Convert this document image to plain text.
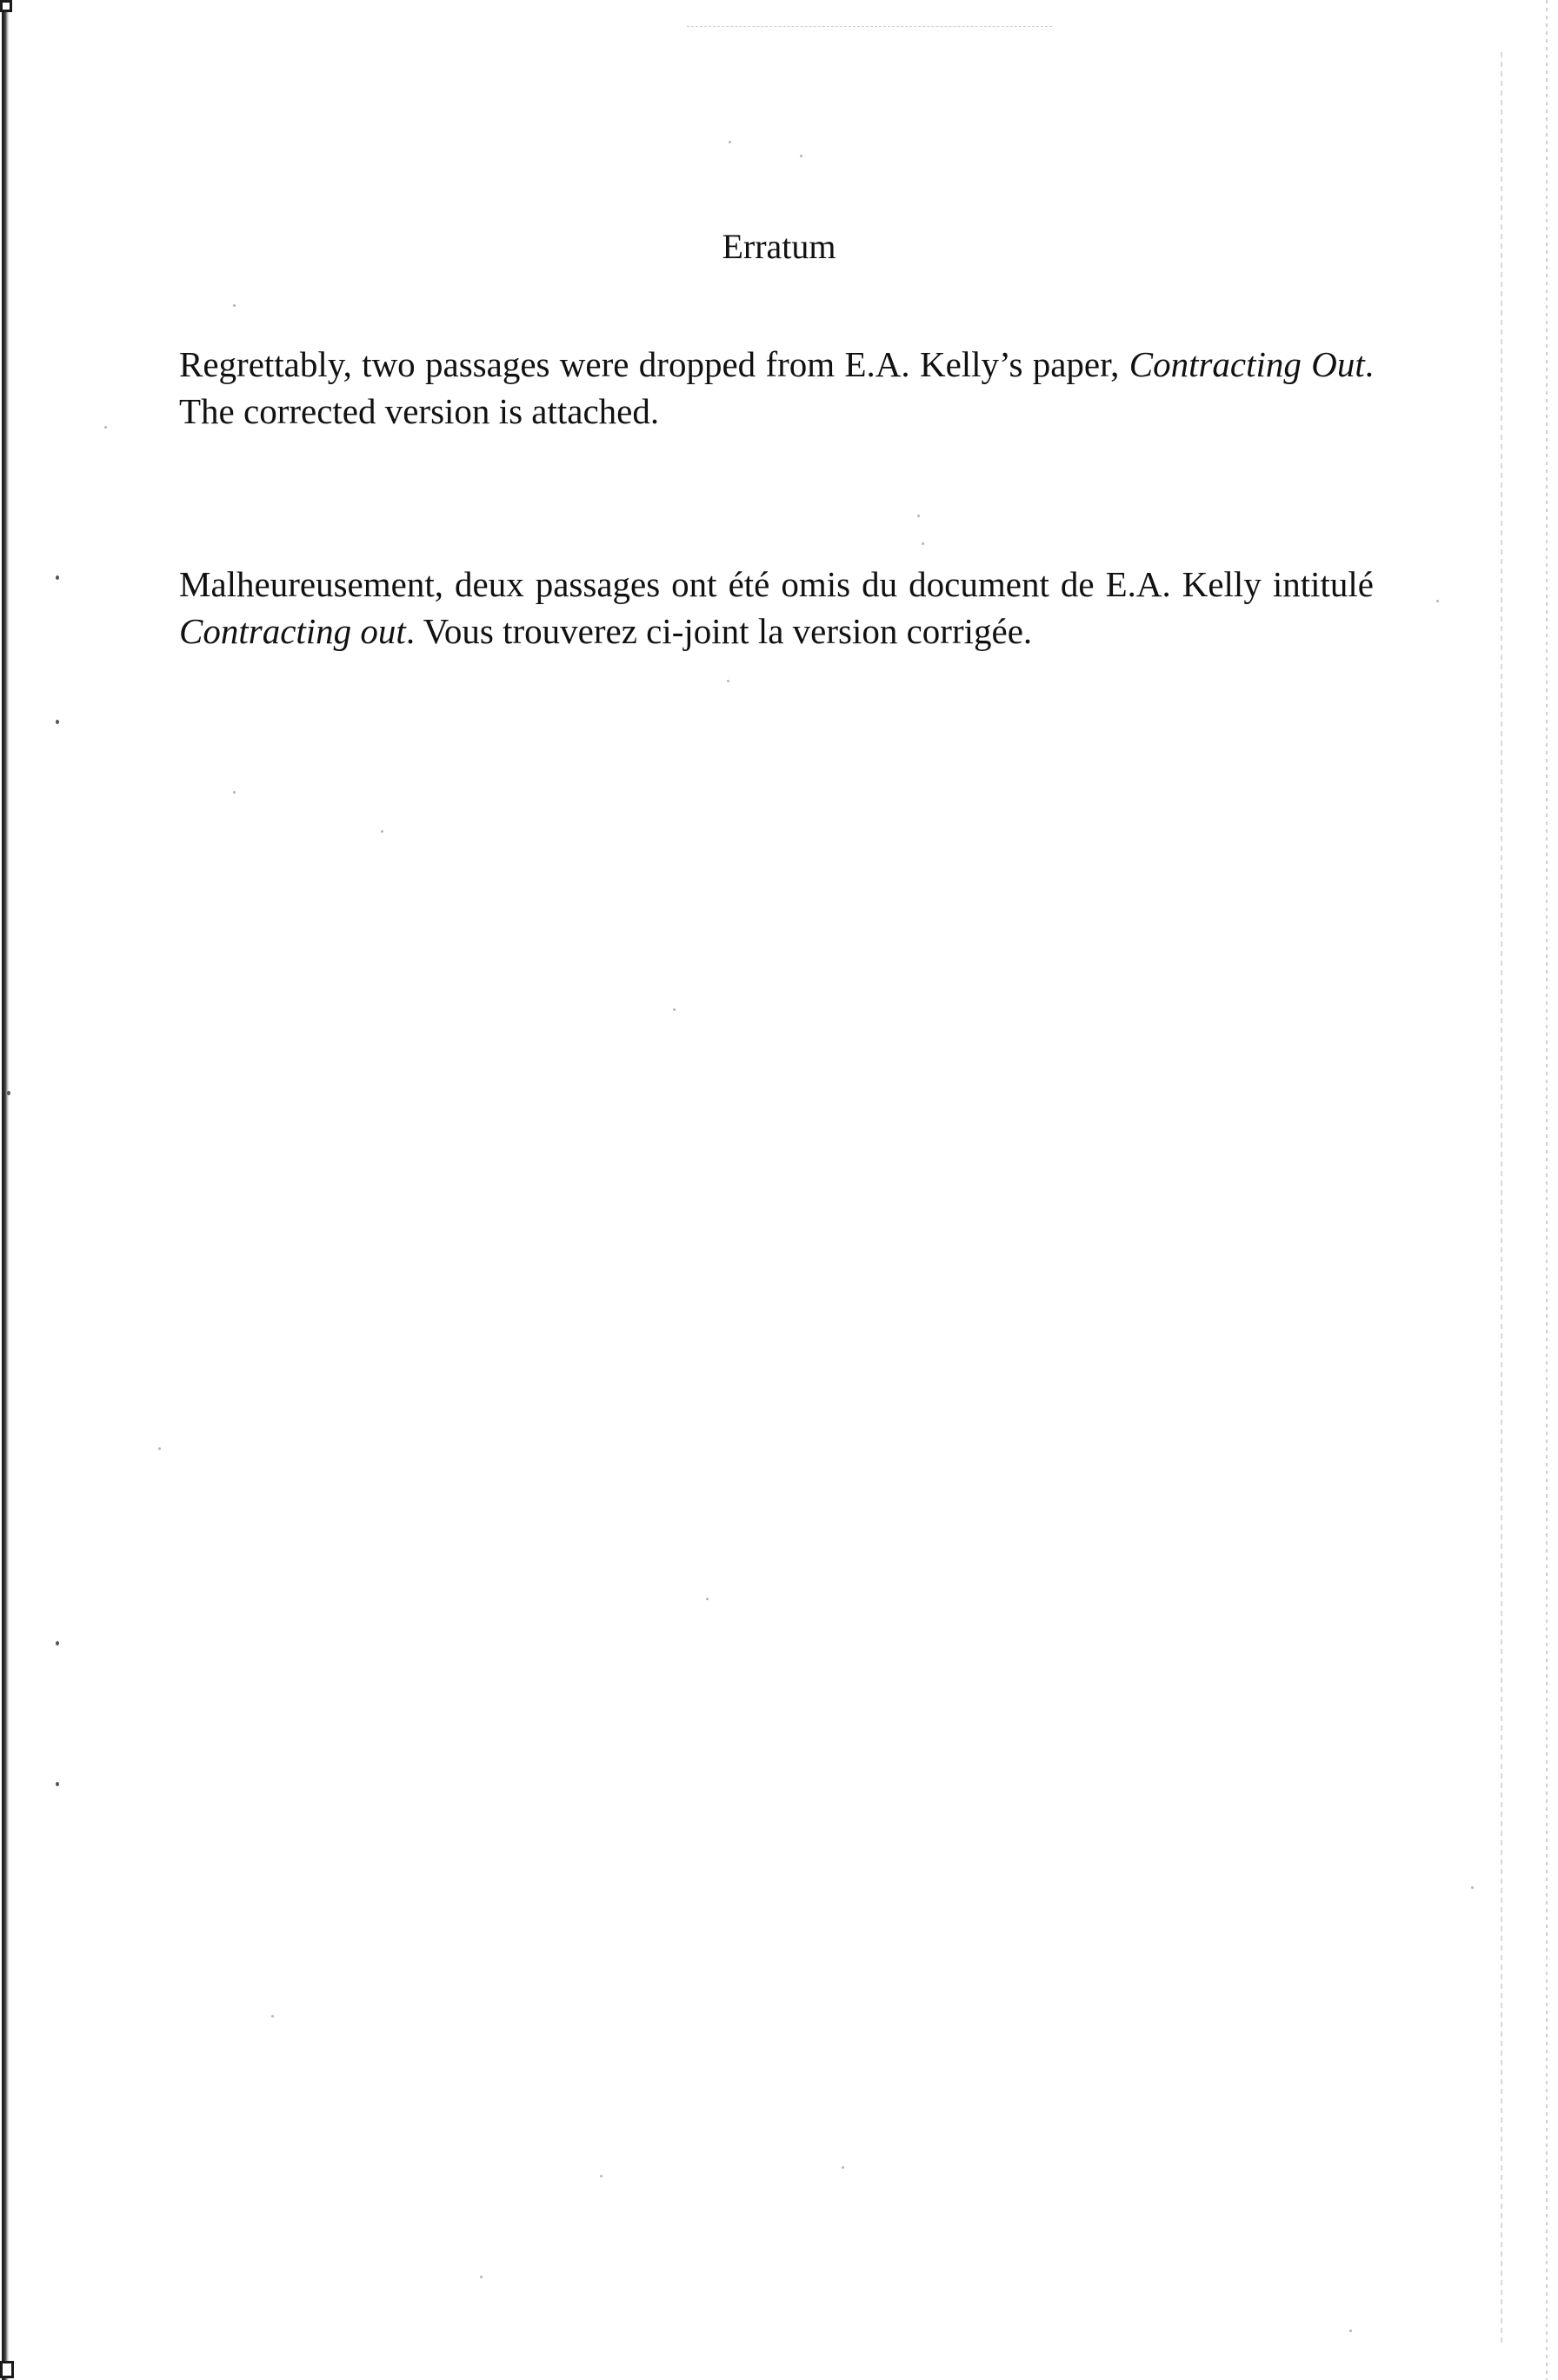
Erratum

Regrettably, two passages were dropped from E.A. Kelly’s paper, Contracting Out. The corrected version is attached.

Malheureusement, deux passages ont été omis du document de E.A. Kelly intitulé Contracting out. Vous trouverez ci-joint la version corrigée.
